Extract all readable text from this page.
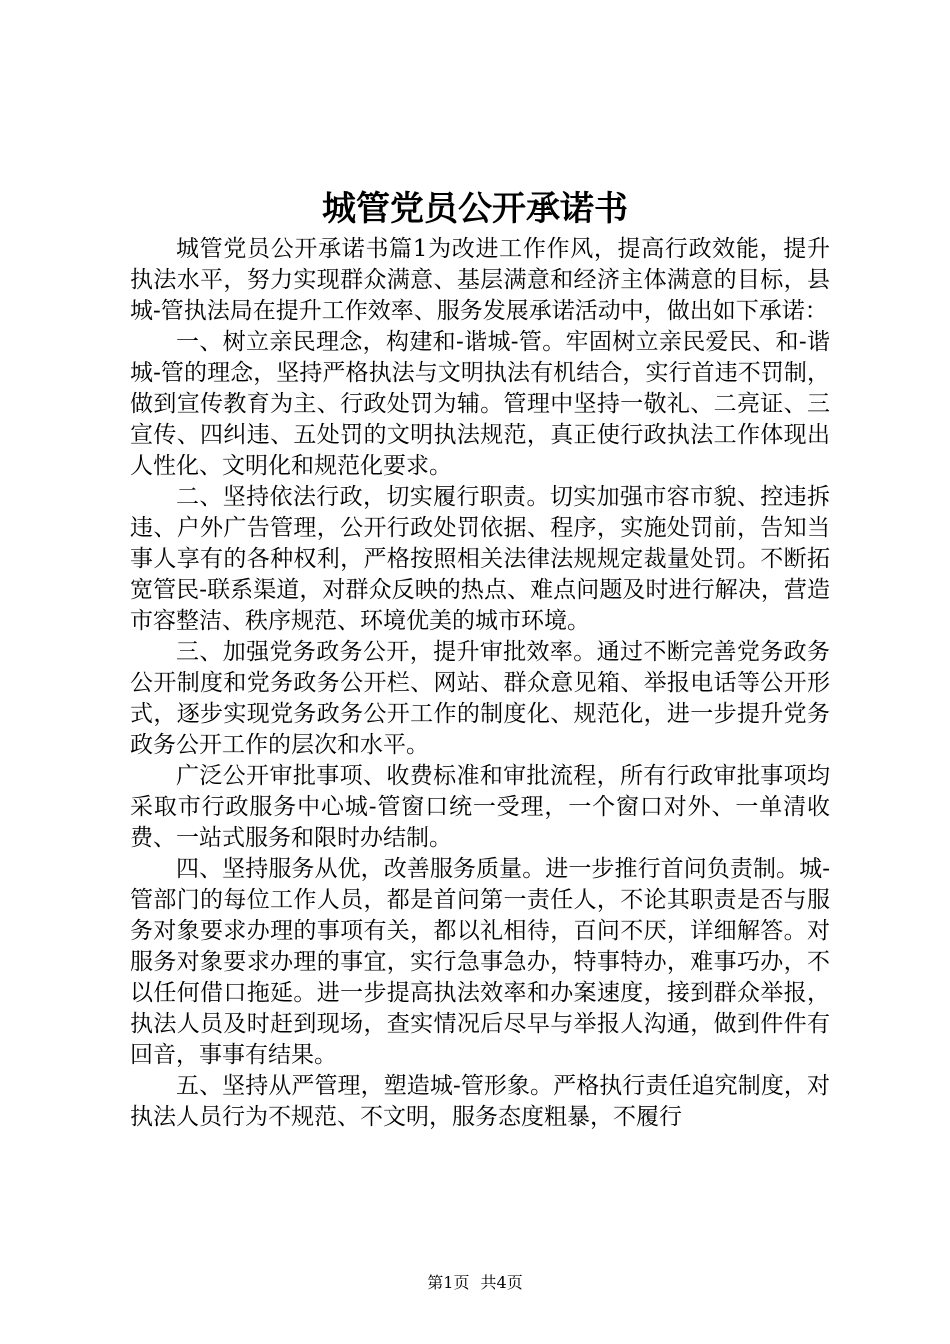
城管党员公开承诺书

城管党员公开承诺书篇1为改进工作作风，提高行政效能，提升执法水平，努力实现群众满意、基层满意和经济主体满意的目标，县城-管执法局在提升工作效率、服务发展承诺活动中，做出如下承诺：

一、树立亲民理念，构建和-谐城-管。牢固树立亲民爱民、和-谐城-管的理念，坚持严格执法与文明执法有机结合，实行首违不罚制，做到宣传教育为主、行政处罚为辅。管理中坚持一敬礼、二亮证、三宣传、四纠违、五处罚的文明执法规范，真正使行政执法工作体现出人性化、文明化和规范化要求。

二、坚持依法行政，切实履行职责。切实加强市容市貌、控违拆违、户外广告管理，公开行政处罚依据、程序，实施处罚前，告知当事人享有的各种权利，严格按照相关法律法规规定裁量处罚。不断拓宽管民-联系渠道，对群众反映的热点、难点问题及时进行解决，营造市容整洁、秩序规范、环境优美的城市环境。

三、加强党务政务公开，提升审批效率。通过不断完善党务政务公开制度和党务政务公开栏、网站、群众意见箱、举报电话等公开形式，逐步实现党务政务公开工作的制度化、规范化，进一步提升党务政务公开工作的层次和水平。

广泛公开审批事项、收费标准和审批流程，所有行政审批事项均采取市行政服务中心城-管窗口统一受理，一个窗口对外、一单清收费、一站式服务和限时办结制。

四、坚持服务从优，改善服务质量。进一步推行首问负责制。城-管部门的每位工作人员，都是首问第一责任人，不论其职责是否与服务对象要求办理的事项有关，都以礼相待，百问不厌，详细解答。对服务对象要求办理的事宜，实行急事急办，特事特办，难事巧办，不以任何借口拖延。进一步提高执法效率和办案速度，接到群众举报，执法人员及时赶到现场，查实情况后尽早与举报人沟通，做到件件有回音，事事有结果。

五、坚持从严管理，塑造城-管形象。严格执行责任追究制度，对执法人员行为不规范、不文明，服务态度粗暴，不履行

第1页 共4页
